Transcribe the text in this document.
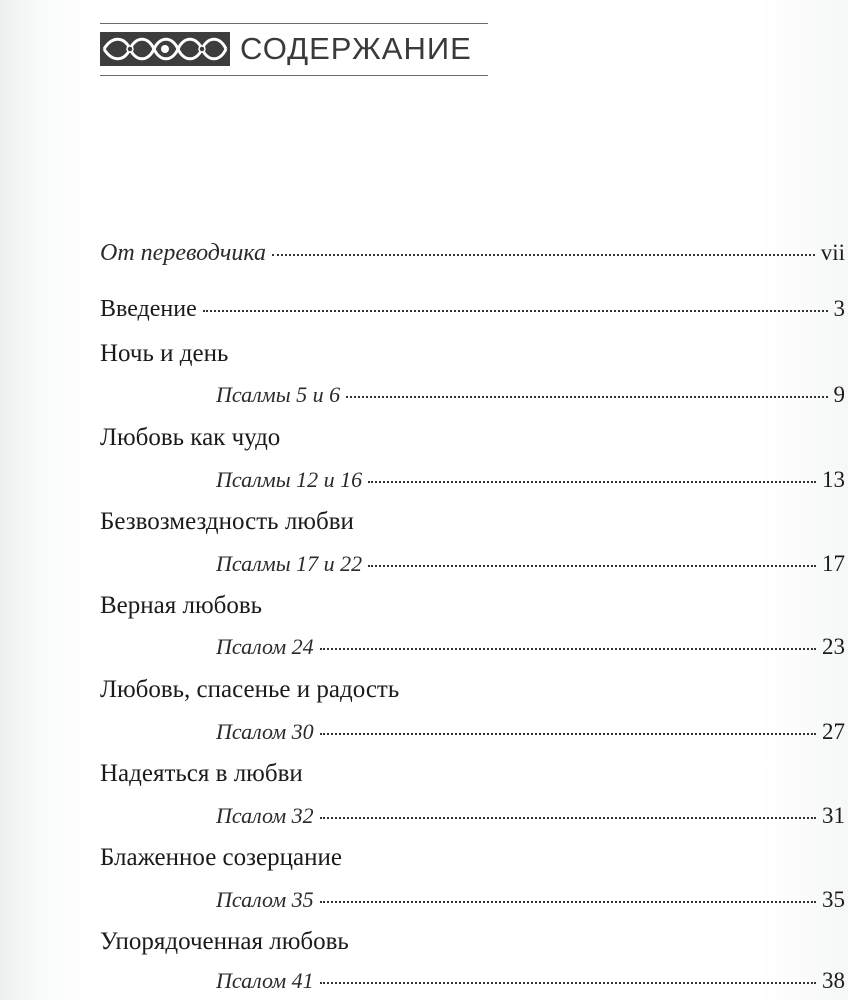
СОДЕРЖАНИЕ
От переводчика	vii
Введение	3
Ночь и день
Псалмы 5 и 6	9
Любовь как чудо
Псалмы 12 и 16	13
Безвозмездность любви
Псалмы 17 и 22	17
Верная любовь
Псалом 24	23
Любовь, спасенье и радость
Псалом 30	27
Надеяться в любви
Псалом 32	31
Блаженное созерцание
Псалом 35	35
Упорядоченная любовь
Псалом 41	38
